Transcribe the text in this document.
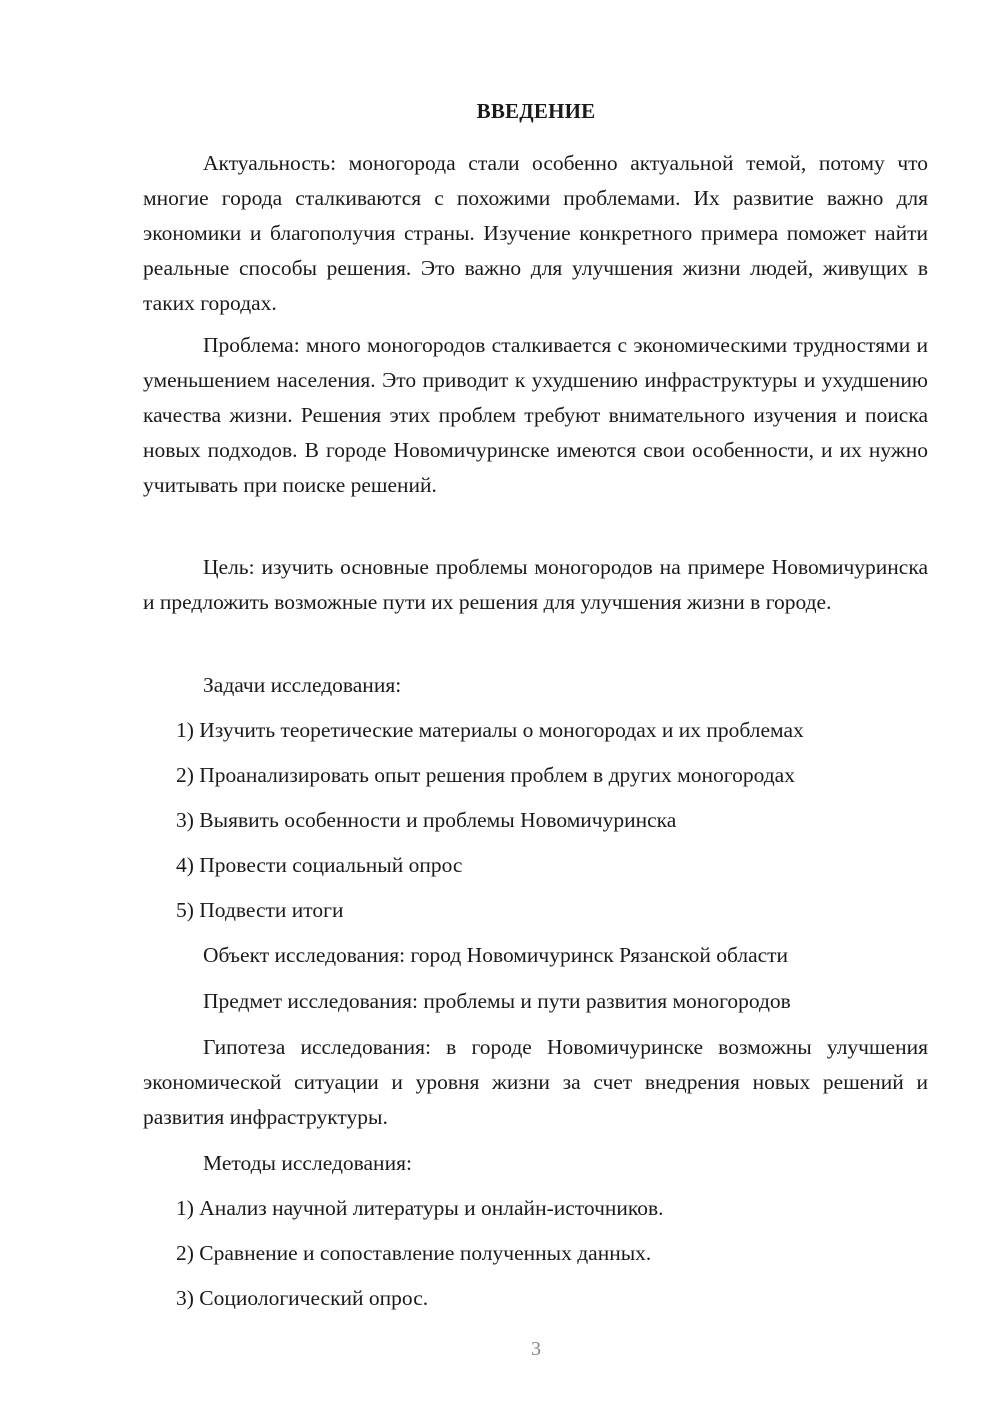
ВВЕДЕНИЕ

Актуальность: моногорода стали особенно актуальной темой, потому что многие города сталкиваются с похожими проблемами. Их развитие важно для экономики и благополучия страны. Изучение конкретного примера поможет найти реальные способы решения. Это важно для улучшения жизни людей, живущих в таких городах.

Проблема: много моногородов сталкивается с экономическими трудностями и уменьшением населения. Это приводит к ухудшению инфраструктуры и ухудшению качества жизни. Решения этих проблем требуют внимательного изучения и поиска новых подходов. В городе Новомичуринске имеются свои особенности, и их нужно учитывать при поиске решений.

Цель: изучить основные проблемы моногородов на примере Новомичуринска и предложить возможные пути их решения для улучшения жизни в городе.

Задачи исследования:

1) Изучить теоретические материалы о моногородах и их проблемах

2) Проанализировать опыт решения проблем в других моногородах

3) Выявить особенности и проблемы Новомичуринска

4) Провести социальный опрос

5) Подвести итоги

Объект исследования: город Новомичуринск Рязанской области

Предмет исследования: проблемы и пути развития моногородов

Гипотеза исследования: в городе Новомичуринске возможны улучшения экономической ситуации и уровня жизни за счет внедрения новых решений и развития инфраструктуры.

Методы исследования:

1) Анализ научной литературы и онлайн-источников.

2) Сравнение и сопоставление полученных данных.

3) Социологический опрос.

3
